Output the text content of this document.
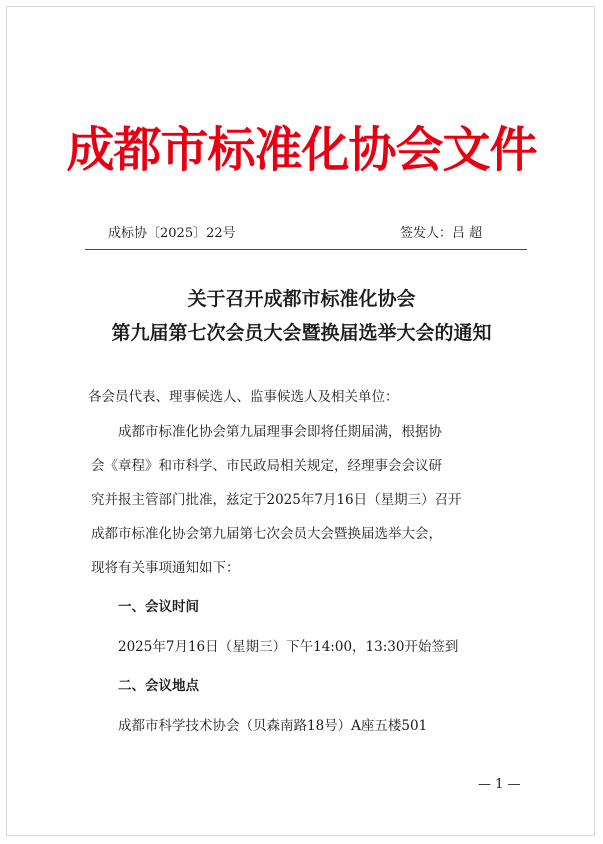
成都市标准化协会文件
成标协〔2025〕22号	签发人：吕 超
关于召开成都市标准化协会
第九届第七次会员大会暨换届选举大会的通知
各会员代表、理事候选人、监事候选人及相关单位：
成都市标准化协会第九届理事会即将任期届满，根据协
会《章程》和市科学、市民政局相关规定，经理事会会议研
究并报主管部门批准，兹定于2025年7月16日（星期三）召开
成都市标准化协会第九届第七次会员大会暨换届选举大会，
现将有关事项通知如下：
一、会议时间
2025年7月16日（星期三）下午14:00，13:30开始签到
二、会议地点
成都市科学技术协会（贝森南路18号）A座五楼501
— 1 —
